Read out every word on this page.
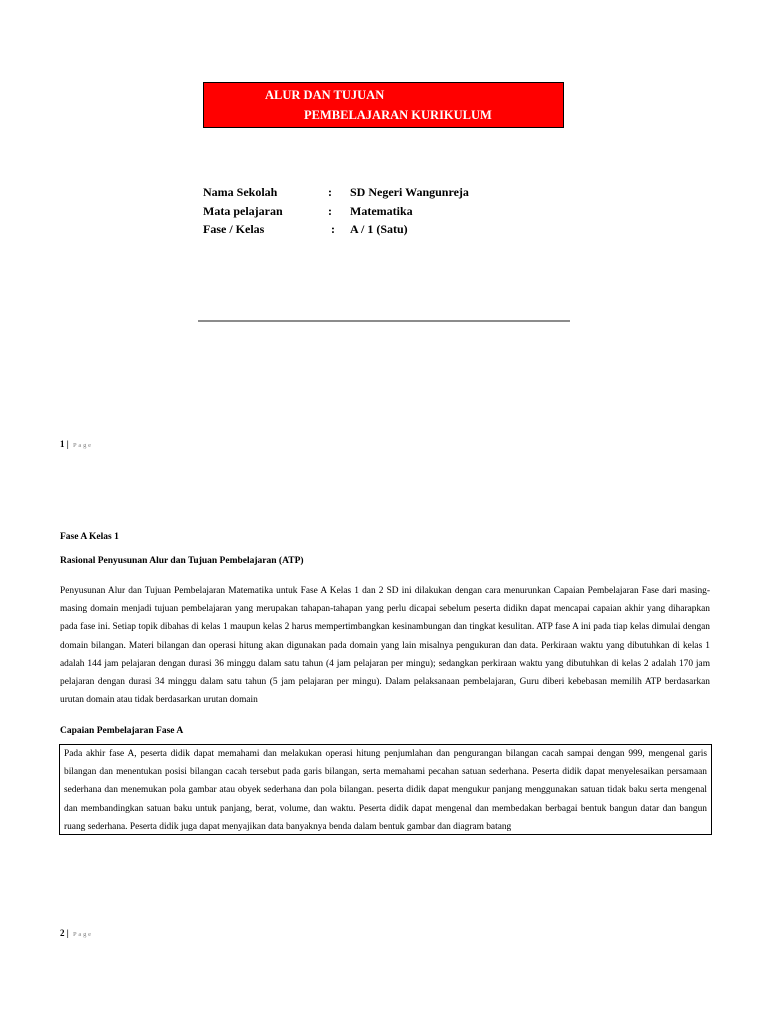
ALUR DAN TUJUAN
PEMBELAJARAN KURIKULUM
Nama Sekolah	: SD Negeri Wangunreja
Mata pelajaran	: Matematika
Fase / Kelas	: A / 1 (Satu)
1 | Page
Fase A Kelas 1
Rasional Penyusunan Alur dan Tujuan Pembelajaran (ATP)

Penyusunan Alur dan Tujuan Pembelajaran Matematika untuk Fase A Kelas 1 dan 2 SD ini dilakukan dengan cara menurunkan Capaian Pembelajaran Fase dari masing-masing domain menjadi tujuan pembelajaran yang merupakan tahapan-tahapan yang perlu dicapai sebelum peserta didikn dapat mencapai capaian akhir yang diharapkan pada fase ini. Setiap topik dibahas di kelas 1 maupun kelas 2 harus mempertimbangkan kesinambungan dan tingkat kesulitan. ATP fase A ini pada tiap kelas dimulai dengan domain bilangan. Materi bilangan dan operasi hitung akan digunakan pada domain yang lain misalnya pengukuran dan data. Perkiraan waktu yang dibutuhkan di kelas 1 adalah 144 jam pelajaran dengan durasi 36 minggu dalam satu tahun (4 jam pelajaran per mingu); sedangkan perkiraan waktu yang dibutuhkan di kelas 2 adalah 170 jam pelajaran dengan durasi 34 minggu dalam satu tahun (5 jam pelajaran per mingu). Dalam pelaksanaan pembelajaran, Guru diberi kebebasan memilih ATP berdasarkan urutan domain atau tidak berdasarkan urutan domain

Capaian Pembelajaran Fase A

Pada akhir fase A, peserta didik dapat memahami dan melakukan operasi hitung penjumlahan dan pengurangan bilangan cacah sampai dengan 999, mengenal garis bilangan dan menentukan posisi bilangan cacah tersebut pada garis bilangan, serta memahami pecahan satuan sederhana. Peserta didik dapat menyelesaikan persamaan sederhana dan menemukan pola gambar atau obyek sederhana dan pola bilangan. peserta didik dapat mengukur panjang menggunakan satuan tidak baku serta mengenal dan membandingkan satuan baku untuk panjang, berat, volume, dan waktu. Peserta didik dapat mengenal dan membedakan berbagai bentuk bangun datar dan bangun ruang sederhana. Peserta didik juga dapat menyajikan data banyaknya benda dalam bentuk gambar dan diagram batang

2 | Page
